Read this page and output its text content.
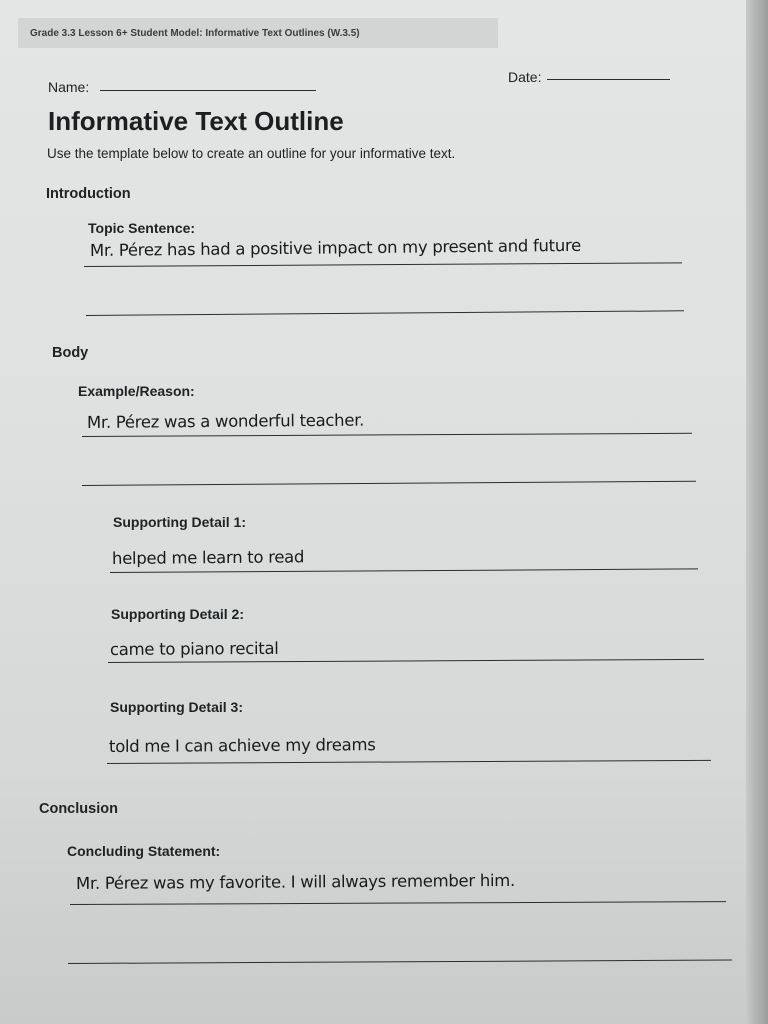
Grade 3.3 Lesson 6+ Student Model: Informative Text Outlines (W.3.5)
Name:
Date:
Informative Text Outline
Use the template below to create an outline for your informative text.
Introduction
Topic Sentence:
Mr. Pérez has had a positive impact on my present and future
Body
Example/Reason:
Mr. Pérez was a wonderful teacher.
Supporting Detail 1:
helped me learn to read
Supporting Detail 2:
came to piano recital
Supporting Detail 3:
told me I can achieve my dreams
Conclusion
Concluding Statement:
Mr. Pérez was my favorite. I will always remember him.
